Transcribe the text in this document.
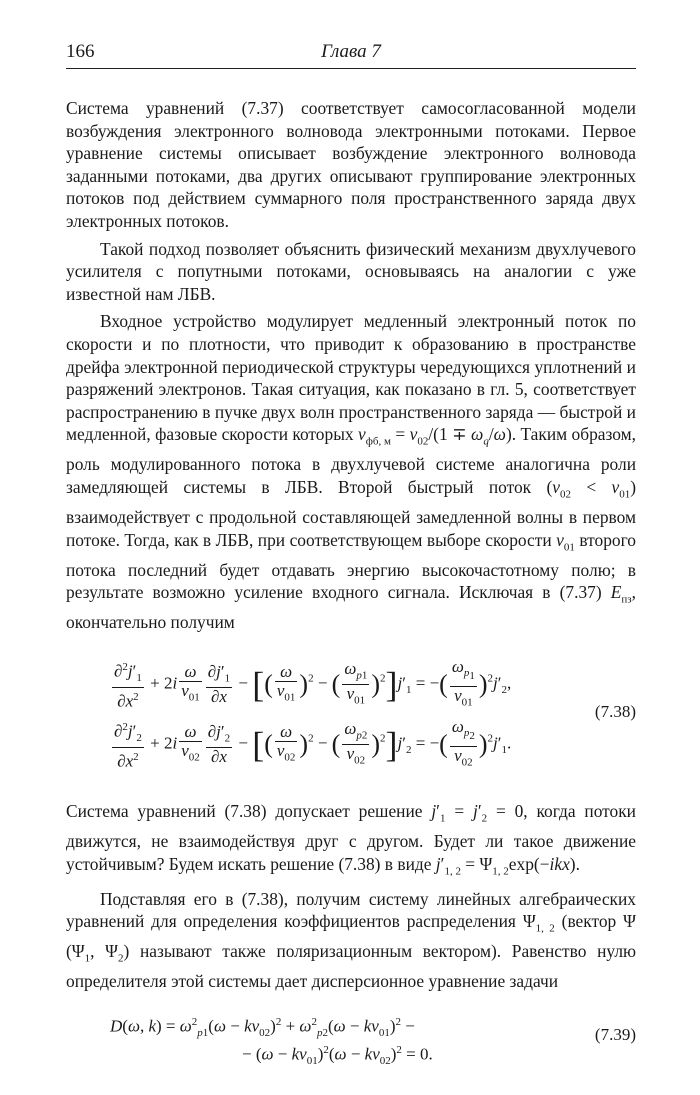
166	Глава 7

Система уравнений (7.37) соответствует самосогласованной модели возбуждения электронного волновода электронными потоками. Первое уравнение системы описывает возбуждение электронного волновода заданными потоками, два других описывают группирование электронных потоков под действием суммарного поля пространственного заряда двух электронных потоков.

Такой подход позволяет объяснить физический механизм двухлучевого усилителя с попутными потоками, основываясь на аналогии с уже известной нам ЛБВ.

Входное устройство модулирует медленный электронный поток по скорости и по плотности, что приводит к образованию в пространстве дрейфа электронной периодической структуры чередующихся уплотнений и разряжений электронов. Такая ситуация, как показано в гл. 5, соответствует распространению в пучке двух волн пространственного заряда — быстрой и медленной, фазовые скорости которых $v_{фб, м} = v_{02}/(1 \mp \omega_q/\omega)$. Таким образом, роль модулированного потока в двухлучевой системе аналогична роли замедляющей системы в ЛБВ. Второй быстрый поток $(v_{02} < v_{01})$ взаимодействует с продольной составляющей замедленной волны в первом потоке. Тогда, как в ЛБВ, при соответствующем выборе скорости $v_{01}$ второго потока последний будет отдавать энергию высокочастотному полю; в результате возможно усиление входного сигнала. Исключая в (7.37) $E_{пз}$, окончательно получим

$\frac{\partial^2j'_1}{\partial x^2} + 2i \frac{\omega}{v_{01}} \frac{\partial j'_1}{\partial x}$ − [( $\frac{\omega}{v_{01}} )^2$ − ( $\frac{\omega_{p1}}{v_{01}} )^2]j'_1$ = −( $\frac{\omega_{p_1}}{v_{01}} )^2j'_2$,
$\frac{\partial^2j'_2}{\partial x^2} + 2i \frac{\omega}{v_{02}} \frac{\partial j'_2}{\partial x}$ − [( $\frac{\omega}{v_{02}} )^2$ − ( $\frac{\omega_{p2}}{v_{02}} )^2]j'_2$ = −( $\frac{\omega_{p_2}}{v_{02}} )^2j'_1$.
(7.38)

Система уравнений (7.38) допускает решение $j'_1 = j'_2 = 0$, когда потоки движутся, не взаимодействуя друг с другом. Будет ли такое движение устойчивым? Будем искать решение (7.38) в виде $j'_{1, 2} = \Psi_{1, 2}\exp(-ikx)$.

Подставляя его в (7.38), получим систему линейных алгебраических уравнений для определения коэффициентов распределения $\Psi_{1, 2}$ (вектор Ψ ($\Psi_1$, $\Psi_2$) называют также поляризационным вектором). Равенство нулю определителя этой системы дает дисперсионное уравнение задачи

D(ω, $k) = \omega^2_{p1}(\omega - kv_{02})^2 + \omega^2_{p2}(\omega - kv_{01})^2$ −
− $(\omega - kv_{01})^2(\omega - kv_{02})^2 = 0$.
(7.39)
